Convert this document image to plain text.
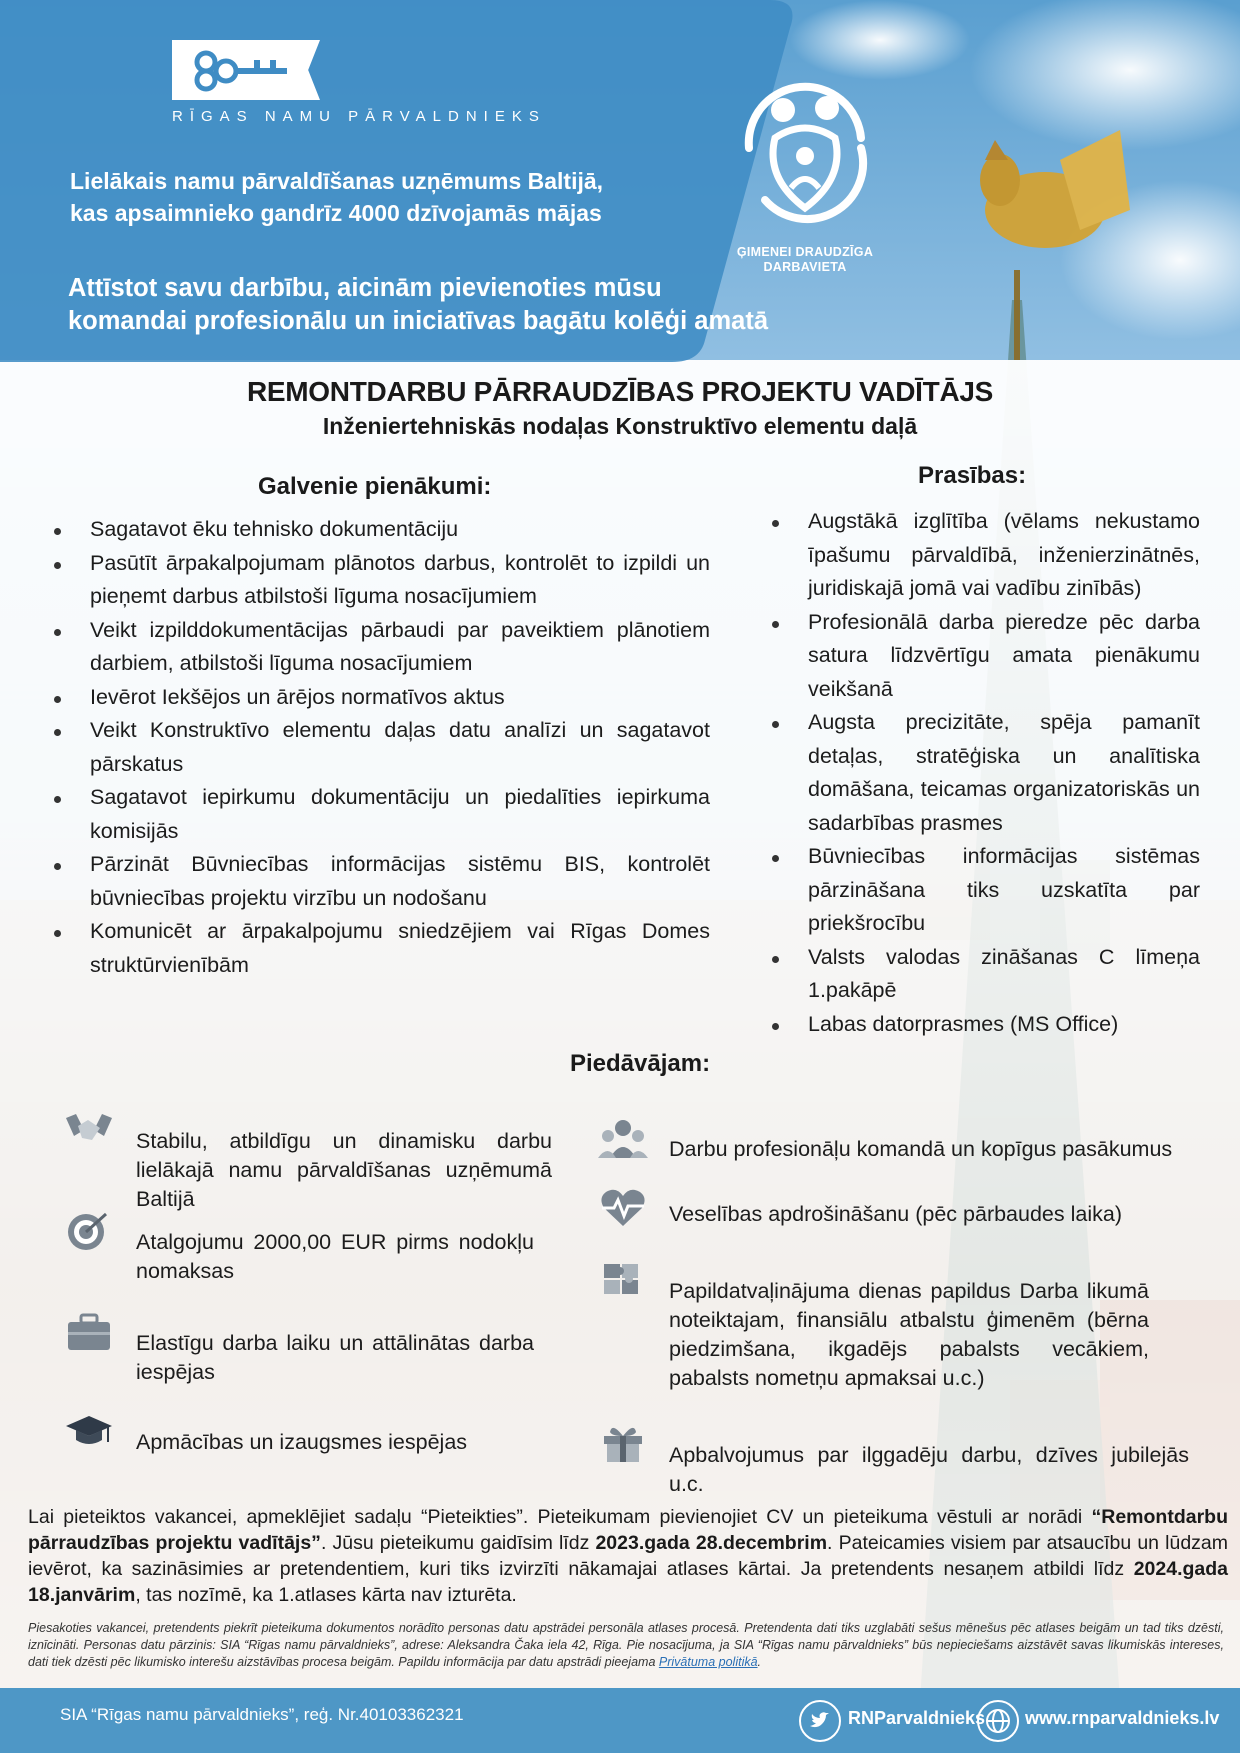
RĪGAS NAMU PĀRVALDNIEKS
Lielākais namu pārvaldīšanas uzņēmums Baltijā,
kas apsaimnieko gandrīz 4000 dzīvojamās mājas
Attīstot savu darbību, aicinām pievienoties mūsu
komandai profesionālu un iniciatīvas bagātu kolēģi amatā
ĢIMENEI DRAUDZĪGA
DARBAVIETA
REMONTDARBU PĀRRAUDZĪBAS PROJEKTU VADĪTĀJS
Inženiertehniskās nodaļas Konstruktīvo elementu daļā
Galvenie pienākumi:
Sagatavot ēku tehnisko dokumentāciju
Pasūtīt ārpakalpojumam plānotos darbus, kontrolēt to izpildi un pieņemt darbus atbilstoši līguma nosacījumiem
Veikt izpilddokumentācijas pārbaudi par paveiktiem plānotiem darbiem, atbilstoši līguma nosacījumiem
Ievērot Iekšējos un ārējos normatīvos aktus
Veikt Konstruktīvo elementu daļas datu analīzi un sagatavot pārskatus
Sagatavot iepirkumu dokumentāciju un piedalīties iepirkuma komisijās
Pārzināt Būvniecības informācijas sistēmu BIS, kontrolēt būvniecības projektu virzību un nodošanu
Komunicēt ar ārpakalpojumu sniedzējiem vai Rīgas Domes struktūrvienībām
Prasības:
Augstākā izglītība (vēlams nekustamo īpašumu pārvaldībā, inženierzinātnēs, juridiskajā jomā vai vadību zinībās)
Profesionālā darba pieredze pēc darba satura līdzvērtīgu amata pienākumu veikšanā
Augsta precizitāte, spēja pamanīt detaļas, stratēģiska un analītiska domāšana, teicamas organizatoriskās un sadarbības prasmes
Būvniecības informācijas sistēmas pārzināšana tiks uzskatīta par priekšrocību
Valsts valodas zināšanas C līmeņa 1.pakāpē
Labas datorprasmes (MS Office)
Piedāvājam:
Stabilu, atbildīgu un dinamisku darbu lielākajā namu pārvaldīšanas uzņēmumā Baltijā
Atalgojumu 2000,00 EUR pirms nodokļu nomaksas
Elastīgu darba laiku un attālinātas darba iespējas
Apmācības un izaugsmes iespējas
Darbu profesionāļu komandā un kopīgus pasākumus
Veselības apdrošināšanu (pēc pārbaudes laika)
Papildatvaļinājuma dienas papildus Darba likumā noteiktajam, finansiālu atbalstu ģimenēm (bērna piedzimšana, ikgadējs pabalsts vecākiem, pabalsts nometņu apmaksai u.c.)
Apbalvojumus par ilggadēju darbu, dzīves jubilejās u.c.
Lai pieteiktos vakancei, apmeklējiet sadaļu “Pieteikties”. Pieteikumam pievienojiet CV un pieteikuma vēstuli ar norādi “Remontdarbu pārraudzības projektu vadītājs”. Jūsu pieteikumu gaidīsim līdz 2023.gada 28.decembrim. Pateicamies visiem par atsaucību un lūdzam ievērot, ka sazināsimies ar pretendentiem, kuri tiks izvirzīti nākamajai atlases kārtai. Ja pretendents nesaņem atbildi līdz 2024.gada 18.janvārim, tas nozīmē, ka 1.atlases kārta nav izturēta.
Piesakoties vakancei, pretendents piekrīt pieteikuma dokumentos norādīto personas datu apstrādei personāla atlases procesā. Pretendenta dati tiks uzglabāti sešus mēnešus pēc atlases beigām un tad tiks dzēsti, iznīcināti. Personas datu pārzinis: SIA “Rīgas namu pārvaldnieks”, adrese: Aleksandra Čaka iela 42, Rīga. Pie nosacījuma, ja SIA “Rīgas namu pārvaldnieks” būs nepieciešams aizstāvēt savas likumiskās intereses, dati tiek dzēsti pēc likumisko interešu aizstāvības procesa beigām. Papildu informācija par datu apstrādi pieejama Privātuma politikā.
SIA “Rīgas namu pārvaldnieks”, reģ. Nr.40103362321	RNParvaldnieks www.rnparvaldnieks.lv
